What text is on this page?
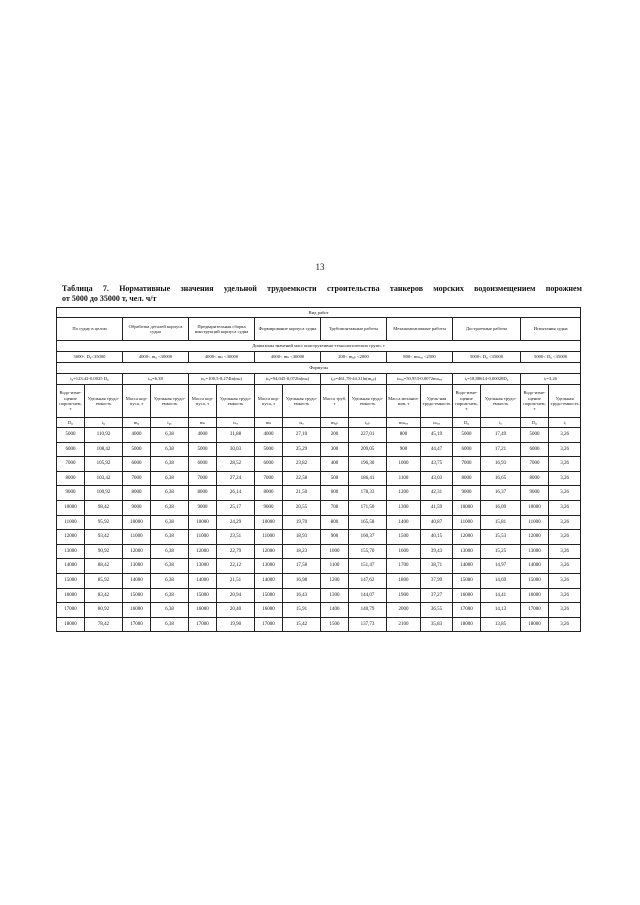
13
Таблица 7. Нормативные значения удельной трудоемкости строительства танкеров морских водоизмещением порожнем
от 5000 до 35000 т, чел. ч/т
Вид работ															
По судну в целом		Обработка деталей корпуса судна		Предварительная сборка конструкций корпуса судна		Формирование корпуса судна		Трубомонтажные работы		Механомонтажные работы		Достроечные работы		Испытания судна	
Диапазоны значений масс конструктивно-технологических групп, т															
5000< D₀<35000		4000< m₀ <30000		4000< mₛ <30000		4000< mₖ <30000		200< m₀ₚ <2000		800< mₘₑₓ <2500		5000< D₀ <35000		5000< D₀ <35000	
Формулы															
t₀=123,42-0,0025 D₀		tₒₐ=6,38		tₙₓ=100,5-8,274ln(mₛ)		tₖₐ=94,045-8,072ln(mₖ)		t₀ₚ=461,78-44,31ln(m₀ₚ)		tₘₑₓ=50,953-0,0072mₘₑₓ		tₐ=18,88614-0,00028D₀		tᵢ=3,26	
Водо-изме-щение порож-нем, т	Удельная трудо-емкость	Масса кор-пуса, т	Удельная трудо-емкость	Масса кор-пуса, т	Удельная трудо-емкость	Масса кор-пуса, т	Удельная трудо-емкость	Масса труб, т	Удельная трудо-емкость	Масса механиз-мов, т	Удель-ная трудо-емкость	Водо-изме-щение порож-нем, т	Удельная трудо-емкость	Водо-изме-щение порож-нем, т	Удельная трудо-емкость
D₀	t₀	m₀	t₀ₐ	mₛ	tₙₓ	mₖ	tₖₐ	m₀ₚ	t₀ₚ	mₘₑₓ	tₘₑₓ	D₀	tₐ	D₀	tᵢ
5000	110,92	4000	6,38	4000	31,88	4000	27,10	200	227,01	800	45,19	5000	17,49	5000	3,26
6000	108,42	5000	6,38	5000	30,03	5000	25,29	300	209,05	900	44,47	6000	17,21	6000	3,26
7000	105,92	6000	6,38	6000	28,52	6000	23,82	400	196,30	1000	43,75	7000	16,93	7000	3,26
8000	103,42	7000	6,38	7000	27,24	7000	22,58	500	186,41	1100	43,03	8000	16,65	8000	3,26
9000	100,92	8000	6,38	8000	26,14	8000	21,50	600	178,33	1200	42,31	9000	16,37	9000	3,26
10000	98,42	9000	6,38	9000	25,17	9000	20,55	700	171,50	1300	41,59	10000	16,09	10000	3,26
11000	95,92	10000	6,38	10000	24,29	10000	19,70	800	165,58	1400	40,87	11000	15,81	11000	3,26
12000	93,42	11000	6,38	11000	23,51	11000	18,93	900	160,37	1500	40,15	12000	15,53	12000	3,26
13000	90,92	12000	6,38	12000	22,79	12000	18,23	1000	155,70	1600	39,43	13000	15,25	13000	3,26
14000	88,42	13000	6,38	13000	22,12	13000	17,58	1100	151,47	1700	38,71	14000	14,97	14000	3,26
15000	85,92	14000	6,38	14000	21,51	14000	16,98	1200	147,62	1800	37,99	15000	14,69	15000	3,26
16000	83,42	15000	6,38	15000	20,94	15000	16,43	1300	144,07	1900	37,27	16000	14,41	16000	3,26
17000	80,92	16000	6,38	16000	20,40	16000	15,91	1400	140,79	2000	36,55	17000	14,13	17000	3,26
18000	78,42	17000	6,38	17000	19,90	17000	15,42	1500	137,73	2100	35,83	18000	13,85	18000	3,26
